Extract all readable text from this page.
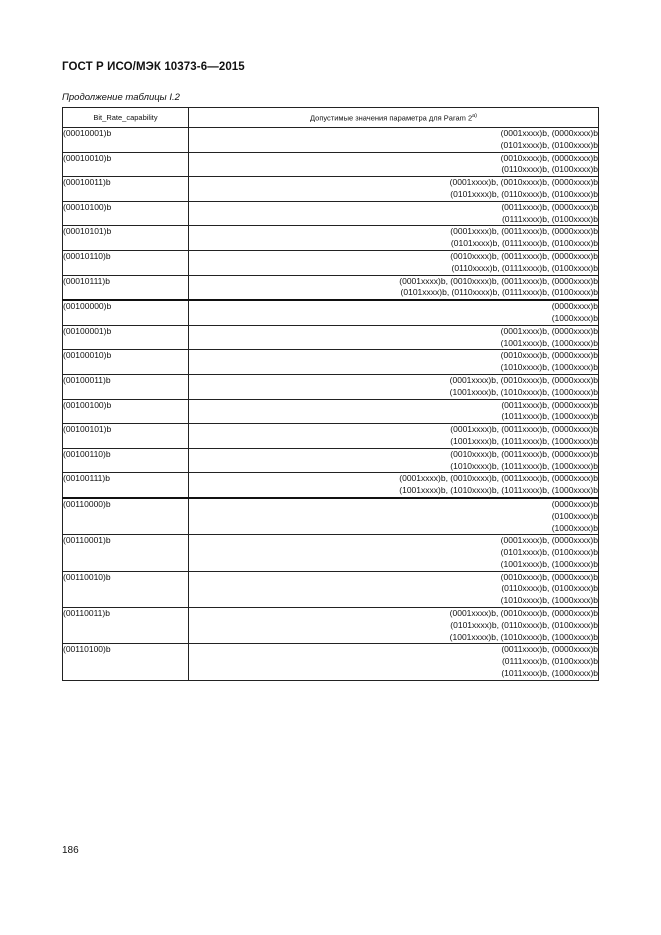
ГОСТ Р ИСО/МЭК 10373-6—2015
Продолжение таблицы I.2
Bit_Rate_capability	Допустимые значения параметра для Param 2$^{a)}$
(00010001)b	(0001xxxx)b, (0000xxxx)b
(0101xxxx)b, (0100xxxx)b

(00010010)b	(0010xxxx)b, (0000xxxx)b
(0110xxxx)b, (0100xxxx)b

(00010011)b	(0001xxxx)b, (0010xxxx)b, (0000xxxx)b
(0101xxxx)b, (0110xxxx)b, (0100xxxx)b

(00010100)b	(0011xxxx)b, (0000xxxx)b
(0111xxxx)b, (0100xxxx)b

(00010101)b	(0001xxxx)b, (0011xxxx)b, (0000xxxx)b
(0101xxxx)b, (0111xxxx)b, (0100xxxx)b

(00010110)b	(0010xxxx)b, (0011xxxx)b, (0000xxxx)b
(0110xxxx)b, (0111xxxx)b, (0100xxxx)b

(00010111)b	(0001xxxx)b, (0010xxxx)b, (0011xxxx)b, (0000xxxx)b
(0101xxxx)b, (0110xxxx)b, (0111xxxx)b, (0100xxxx)b

(00100000)b	(0000xxxx)b
(1000xxxx)b

(00100001)b	(0001xxxx)b, (0000xxxx)b
(1001xxxx)b, (1000xxxx)b

(00100010)b	(0010xxxx)b, (0000xxxx)b
(1010xxxx)b, (1000xxxx)b

(00100011)b	(0001xxxx)b, (0010xxxx)b, (0000xxxx)b
(1001xxxx)b, (1010xxxx)b, (1000xxxx)b

(00100100)b	(0011xxxx)b, (0000xxxx)b
(1011xxxx)b, (1000xxxx)b

(00100101)b	(0001xxxx)b, (0011xxxx)b, (0000xxxx)b
(1001xxxx)b, (1011xxxx)b, (1000xxxx)b

(00100110)b	(0010xxxx)b, (0011xxxx)b, (0000xxxx)b
(1010xxxx)b, (1011xxxx)b, (1000xxxx)b

(00100111)b	(0001xxxx)b, (0010xxxx)b, (0011xxxx)b, (0000xxxx)b
(1001xxxx)b, (1010xxxx)b, (1011xxxx)b, (1000xxxx)b

(00110000)b	(0000xxxx)b
(0100xxxx)b
(1000xxxx)b

(00110001)b	(0001xxxx)b, (0000xxxx)b
(0101xxxx)b, (0100xxxx)b
(1001xxxx)b, (1000xxxx)b

(00110010)b	(0010xxxx)b, (0000xxxx)b
(0110xxxx)b, (0100xxxx)b
(1010xxxx)b, (1000xxxx)b

(00110011)b	(0001xxxx)b, (0010xxxx)b, (0000xxxx)b
(0101xxxx)b, (0110xxxx)b, (0100xxxx)b
(1001xxxx)b, (1010xxxx)b, (1000xxxx)b

(00110100)b	(0011xxxx)b, (0000xxxx)b
(0111xxxx)b, (0100xxxx)b
(1011xxxx)b, (1000xxxx)b
186
